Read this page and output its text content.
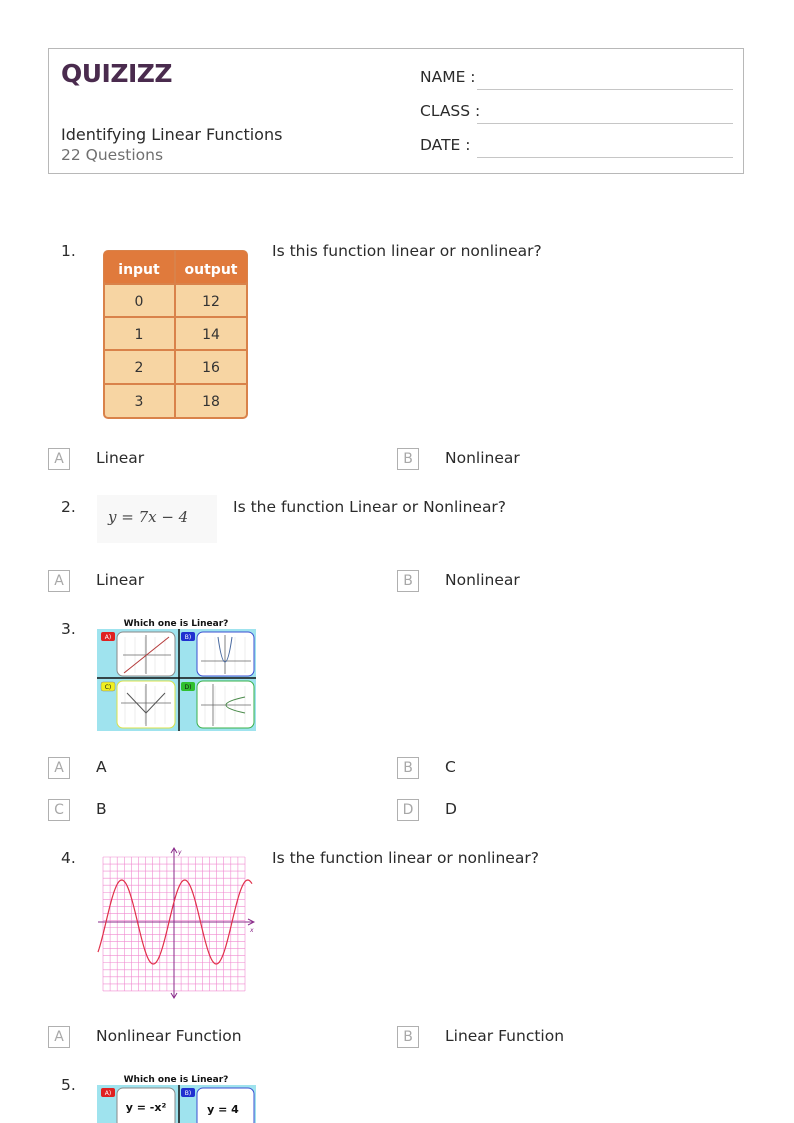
QUIZIZZ
Identifying Linear Functions
22 Questions
NAME :
CLASS :
DATE :
1.
input output
0	12
1	14
2	16
3	18
Is this function linear or nonlinear?
A	Linear	B	Nonlinear
2.
y = 7x − 4
Is the function Linear or Nonlinear?
A	Linear	B	Nonlinear
3.	Which one is Linear?
A)	B)
C)	D)
A	A	B	C
C	B	D	D
4.
x
y	Is the function linear or nonlinear?
A	Nonlinear Function	B	Linear Function
5.	Which one is Linear?
A)	B)
y = -x²	y = 4
